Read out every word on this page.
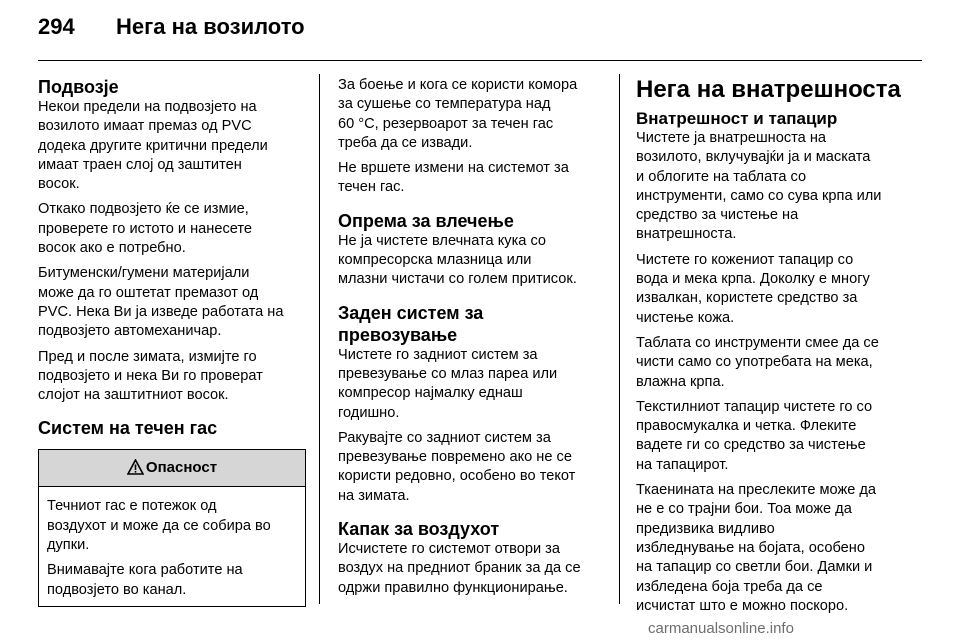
294 Нега на возилото
Подвозје

Некои предели на подвозјето на
возилото имаат премаз од PVC
додека другите критични предели
имаат траен слој од заштитен
восок.

Откако подвозјето ќе се измие,
проверете го истото и нанесете
восок ако е потребно.

Битуменски/гумени материјали
може да го оштетат премазот од
PVC. Нека Ви ја изведе работата на
подвозјето автомеханичар.

Пред и после зимата, измијте го
подвозјето и нека Ви го проверат
слојот на заштитниот восок.

Систем на течен гас
Опасност

Течниот гас е потежок од
воздухот и може да се собира во
дупки.

Внимавајте кога работите на
подвозјето во канал.

За боење и кога се користи комора
за сушење со температура над
60 °C, резервоарот за течен гас
треба да се извади.

Не вршете измени на системот за
течен гас.

Опрема за влечење

Не ја чистете влечната кука со
компресорска млазница или
млазни чистачи со голем притисок.

Заден систем за превозување

Чистете го задниот систем за
превезување со млаз пареа или
компресор најмалку еднаш
годишно.

Ракувајте со задниот систем за
превезување повремено ако не се
користи редовно, особено во текот
на зимата.

Капак за воздухот

Исчистете го системот отвори за
воздух на предниот браник за да се
одржи правилно функционирање.

Нега на внатрешноста
Внатрешност и тапацир

Чистете ја внатрешноста на
возилото, вклучувајќи ја и маската
и облогите на таблата со
инструменти, само со сува крпа или
средство за чистење на
внатрешноста.

Чистете го кожениот тапацир со
вода и мека крпа. Доколку е многу
извалкан, користете средство за
чистење кожа.

Таблата со инструменти смее да се
чисти само со употребата на мека,
влажна крпа.

Текстилниот тапацир чистете го со
правосмукалка и четка. Флеките
вадете ги со средство за чистење
на тапацирот.

Ткаенината на преслеките може да
не е со трајни бои. Тоа може да
предизвика видливо
избледнување на бојата, особено
на тапацир со светли бои. Дамки и
избледена боја треба да се
исчистат што е можно поскоро.

carmanualsonline.info
